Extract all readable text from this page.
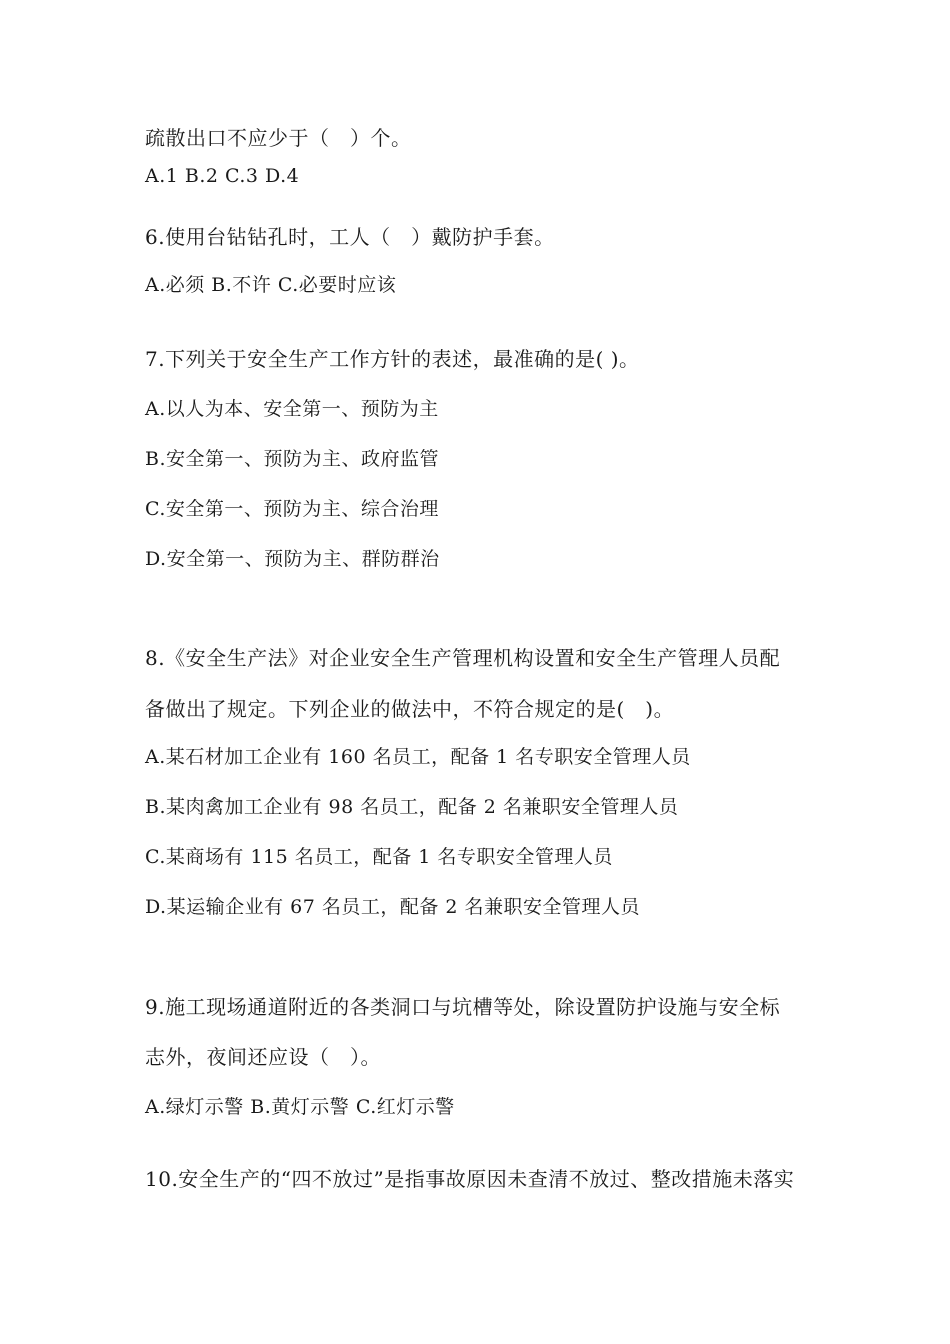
疏散出口不应少于（　）个。
A.1 B.2 C.3 D.4
6.使用台钻钻孔时，工人（　）戴防护手套。
A.必须 B.不许 C.必要时应该
7.下列关于安全生产工作方针的表述，最准确的是( )。
A.以人为本、安全第一、预防为主
B.安全第一、预防为主、政府监管
C.安全第一、预防为主、综合治理
D.安全第一、预防为主、群防群治
8.《安全生产法》对企业安全生产管理机构设置和安全生产管理人员配
备做出了规定。下列企业的做法中，不符合规定的是(　)。
A.某石材加工企业有 160 名员工，配备 1 名专职安全管理人员
B.某肉禽加工企业有 98 名员工，配备 2 名兼职安全管理人员
C.某商场有 115 名员工，配备 1 名专职安全管理人员
D.某运输企业有 67 名员工，配备 2 名兼职安全管理人员
9.施工现场通道附近的各类洞口与坑槽等处，除设置防护设施与安全标
志外，夜间还应设（　）。
A.绿灯示警 B.黄灯示警 C.红灯示警
10.安全生产的“四不放过”是指事故原因未查清不放过、整改措施未落实
